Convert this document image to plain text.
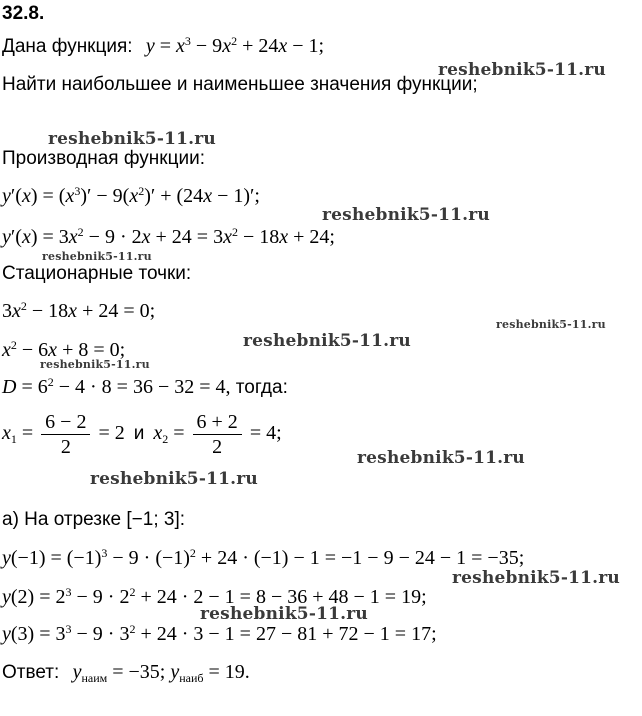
32.8.
Дана функция: $y = x^3 - 9x^2 + 24x - 1$;
Найти наибольшее и наименьшее значения функции;
Производная функции:
$y'(x) = (x^3)' - 9(x^2)' + (24x - 1)'$;
$y'(x) = 3x^2 - 9 \cdot 2x + 24 = 3x^2 - 18x + 24$;
Стационарные точки:
$3x^2 - 18x + 24 = 0$;
$x^2 - 6x + 8 = 0$;
$D = 6^2 - 4 \cdot 8 = 36 - 32 = 4$, тогда:
$x_1 = \frac{6 - 2}{2} = 2$ и $x_2 = \frac{6 + 2}{2} = 4$;
а) На отрезке [−1; 3]:
$y(-1) = (-1)^3 - 9 \cdot (-1)^2 + 24 \cdot (-1) - 1 = -1 - 9 - 24 - 1 = -35$;
$y(2) = 2^3 - 9 \cdot 2^2 + 24 \cdot 2 - 1 = 8 - 36 + 48 - 1 = 19$;
$y(3) = 3^3 - 9 \cdot 3^2 + 24 \cdot 3 - 1 = 27 - 81 + 72 - 1 = 17$;
Ответ: $y_{наим} = -35$; $y_{наиб} = 19$.
reshebnik5-11.ru
reshebnik5-11.ru
reshebnik5-11.ru
reshebnik5-11.ru
reshebnik5-11.ru
reshebnik5-11.ru
reshebnik5-11.ru
reshebnik5-11.ru
reshebnik5-11.ru
reshebnik5-11.ru
reshebnik5-11.ru
